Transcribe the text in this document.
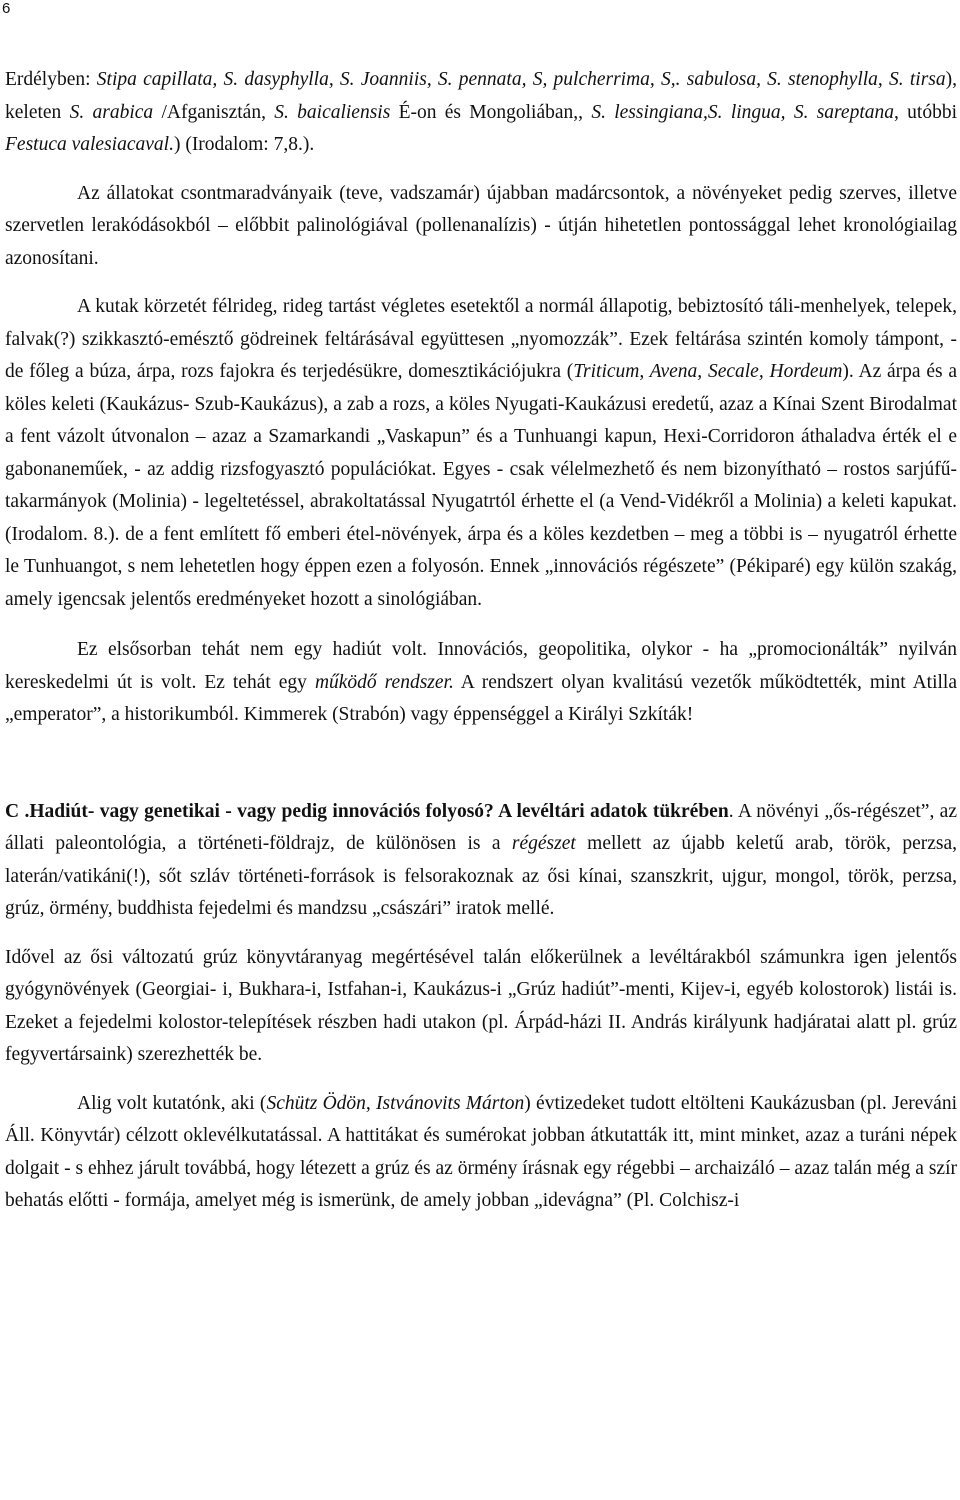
6

Erdélyben: Stipa capillata, S. dasyphylla, S. Joanniis, S. pennata, S, pulcherrima, S,. sabulosa, S. stenophylla, S. tirsa), keleten S. arabica /Afganisztán, S. baicaliensis É-on és Mongoliában,, S. lessingiana,S. lingua, S. sareptana, utóbbi Festuca valesiacaval.) (Irodalom: 7,8.).

Az állatokat csontmaradványaik (teve, vadszamár) újabban madárcsontok, a növényeket pedig szerves, illetve szervetlen lerakódásokból – előbbit palinológiával (pollenanalízis) - útján hihetetlen pontossággal lehet kronológiailag azonosítani.

A kutak körzetét félrideg, rideg tartást végletes esetektől a normál állapotig, bebiztosító táli-menhelyek, telepek, falvak(?) szikkasztó-emésztő gödreinek feltárásával együttesen „nyomozzák”. Ezek feltárása szintén komoly támpont, - de főleg a búza, árpa, rozs fajokra és terjedésükre, domesztikációjukra (Triticum, Avena, Secale, Hordeum). Az árpa és a köles keleti (Kaukázus- Szub-Kaukázus), a zab a rozs, a köles Nyugati-Kaukázusi eredetű, azaz a Kínai Szent Birodalmat a fent vázolt útvonalon – azaz a Szamarkandi „Vaskapun” és a Tunhuangi kapun, Hexi-Corridoron áthaladva érték el e gabonaneműek, - az addig rizsfogyasztó populációkat. Egyes - csak vélelmezhető és nem bizonyítható – rostos sarjúfű-takarmányok (Molinia) - legeltetéssel, abrakoltatással Nyugatrtól érhette el (a Vend-Vidékről a Molinia) a keleti kapukat. (Irodalom. 8.). de a fent említett fő emberi étel-növények, árpa és a köles kezdetben – meg a többi is – nyugatról érhette le Tunhuangot, s nem lehetetlen hogy éppen ezen a folyosón. Ennek „innovációs régészete” (Pékiparé) egy külön szakág, amely igencsak jelentős eredményeket hozott a sinológiában.

Ez elsősorban tehát nem egy hadiút volt. Innovációs, geopolitika, olykor - ha „promocionálták” nyilván kereskedelmi út is volt. Ez tehát egy működő rendszer. A rendszert olyan kvalitású vezetők működtették, mint Atilla „emperator”, a historikumból. Kimmerek (Strabón) vagy éppenséggel a Királyi Szkíták!

C .Hadiút- vagy genetikai - vagy pedig innovációs folyosó? A levéltári adatok tükrében. A növényi „ős-régészet”, az állati paleontológia, a történeti-földrajz, de különösen is a régészet mellett az újabb keletű arab, török, perzsa, laterán/vatikáni(!), sőt szláv történeti-források is felsorakoznak az ősi kínai, szanszkrit, ujgur, mongol, török, perzsa, grúz, örmény, buddhista fejedelmi és mandzsu „császári” iratok mellé.

Idővel az ősi változatú grúz könyvtáranyag megértésével talán előkerülnek a levéltárakból számunkra igen jelentős gyógynövények (Georgiai- i, Bukhara-i, Istfahan-i, Kaukázus-i „Grúz hadiút”-menti, Kijev-i, egyéb kolostorok) listái is. Ezeket a fejedelmi kolostor-telepítések részben hadi utakon (pl. Árpád-házi II. András királyunk hadjáratai alatt pl. grúz fegyvertársaink) szerezhették be.

Alig volt kutatónk, aki (Schütz Ödön, Istvánovits Márton) évtizedeket tudott eltölteni Kaukázusban (pl. Jereváni Áll. Könyvtár) célzott oklevélkutatással. A hattitákat és sumérokat jobban átkutatták itt, mint minket, azaz a turáni népek dolgait - s ehhez járult továbbá, hogy létezett a grúz és az örmény írásnak egy régebbi – archaizáló – azaz talán még a szír behatás előtti - formája, amelyet még is ismerünk, de amely jobban „idevágna” (Pl. Colchisz-i
